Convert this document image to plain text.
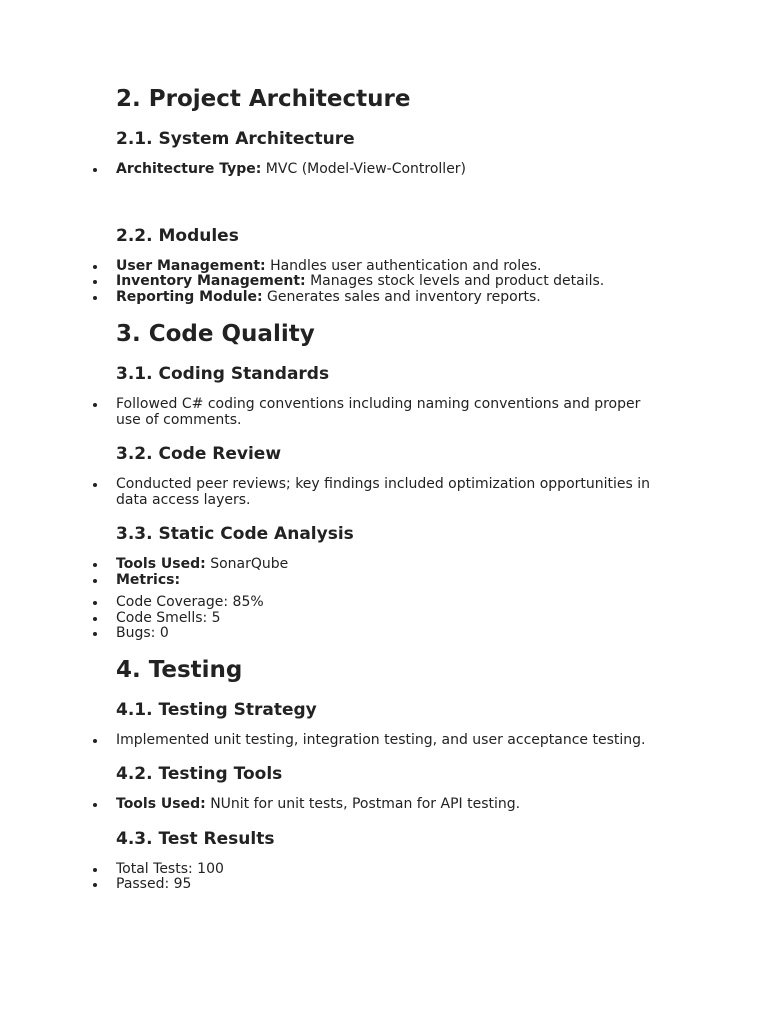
2. Project Architecture
2.1. System Architecture
Architecture Type: MVC (Model-View-Controller)
2.2. Modules
User Management: Handles user authentication and roles.
Inventory Management: Manages stock levels and product details.
Reporting Module: Generates sales and inventory reports.
3. Code Quality
3.1. Coding Standards
Followed C# coding conventions including naming conventions and proper use of comments.
3.2. Code Review
Conducted peer reviews; key findings included optimization opportunities in data access layers.
3.3. Static Code Analysis
Tools Used: SonarQube
Metrics:
Code Coverage: 85%
Code Smells: 5
Bugs: 0
4. Testing
4.1. Testing Strategy
Implemented unit testing, integration testing, and user acceptance testing.
4.2. Testing Tools
Tools Used: NUnit for unit tests, Postman for API testing.
4.3. Test Results
Total Tests: 100
Passed: 95
